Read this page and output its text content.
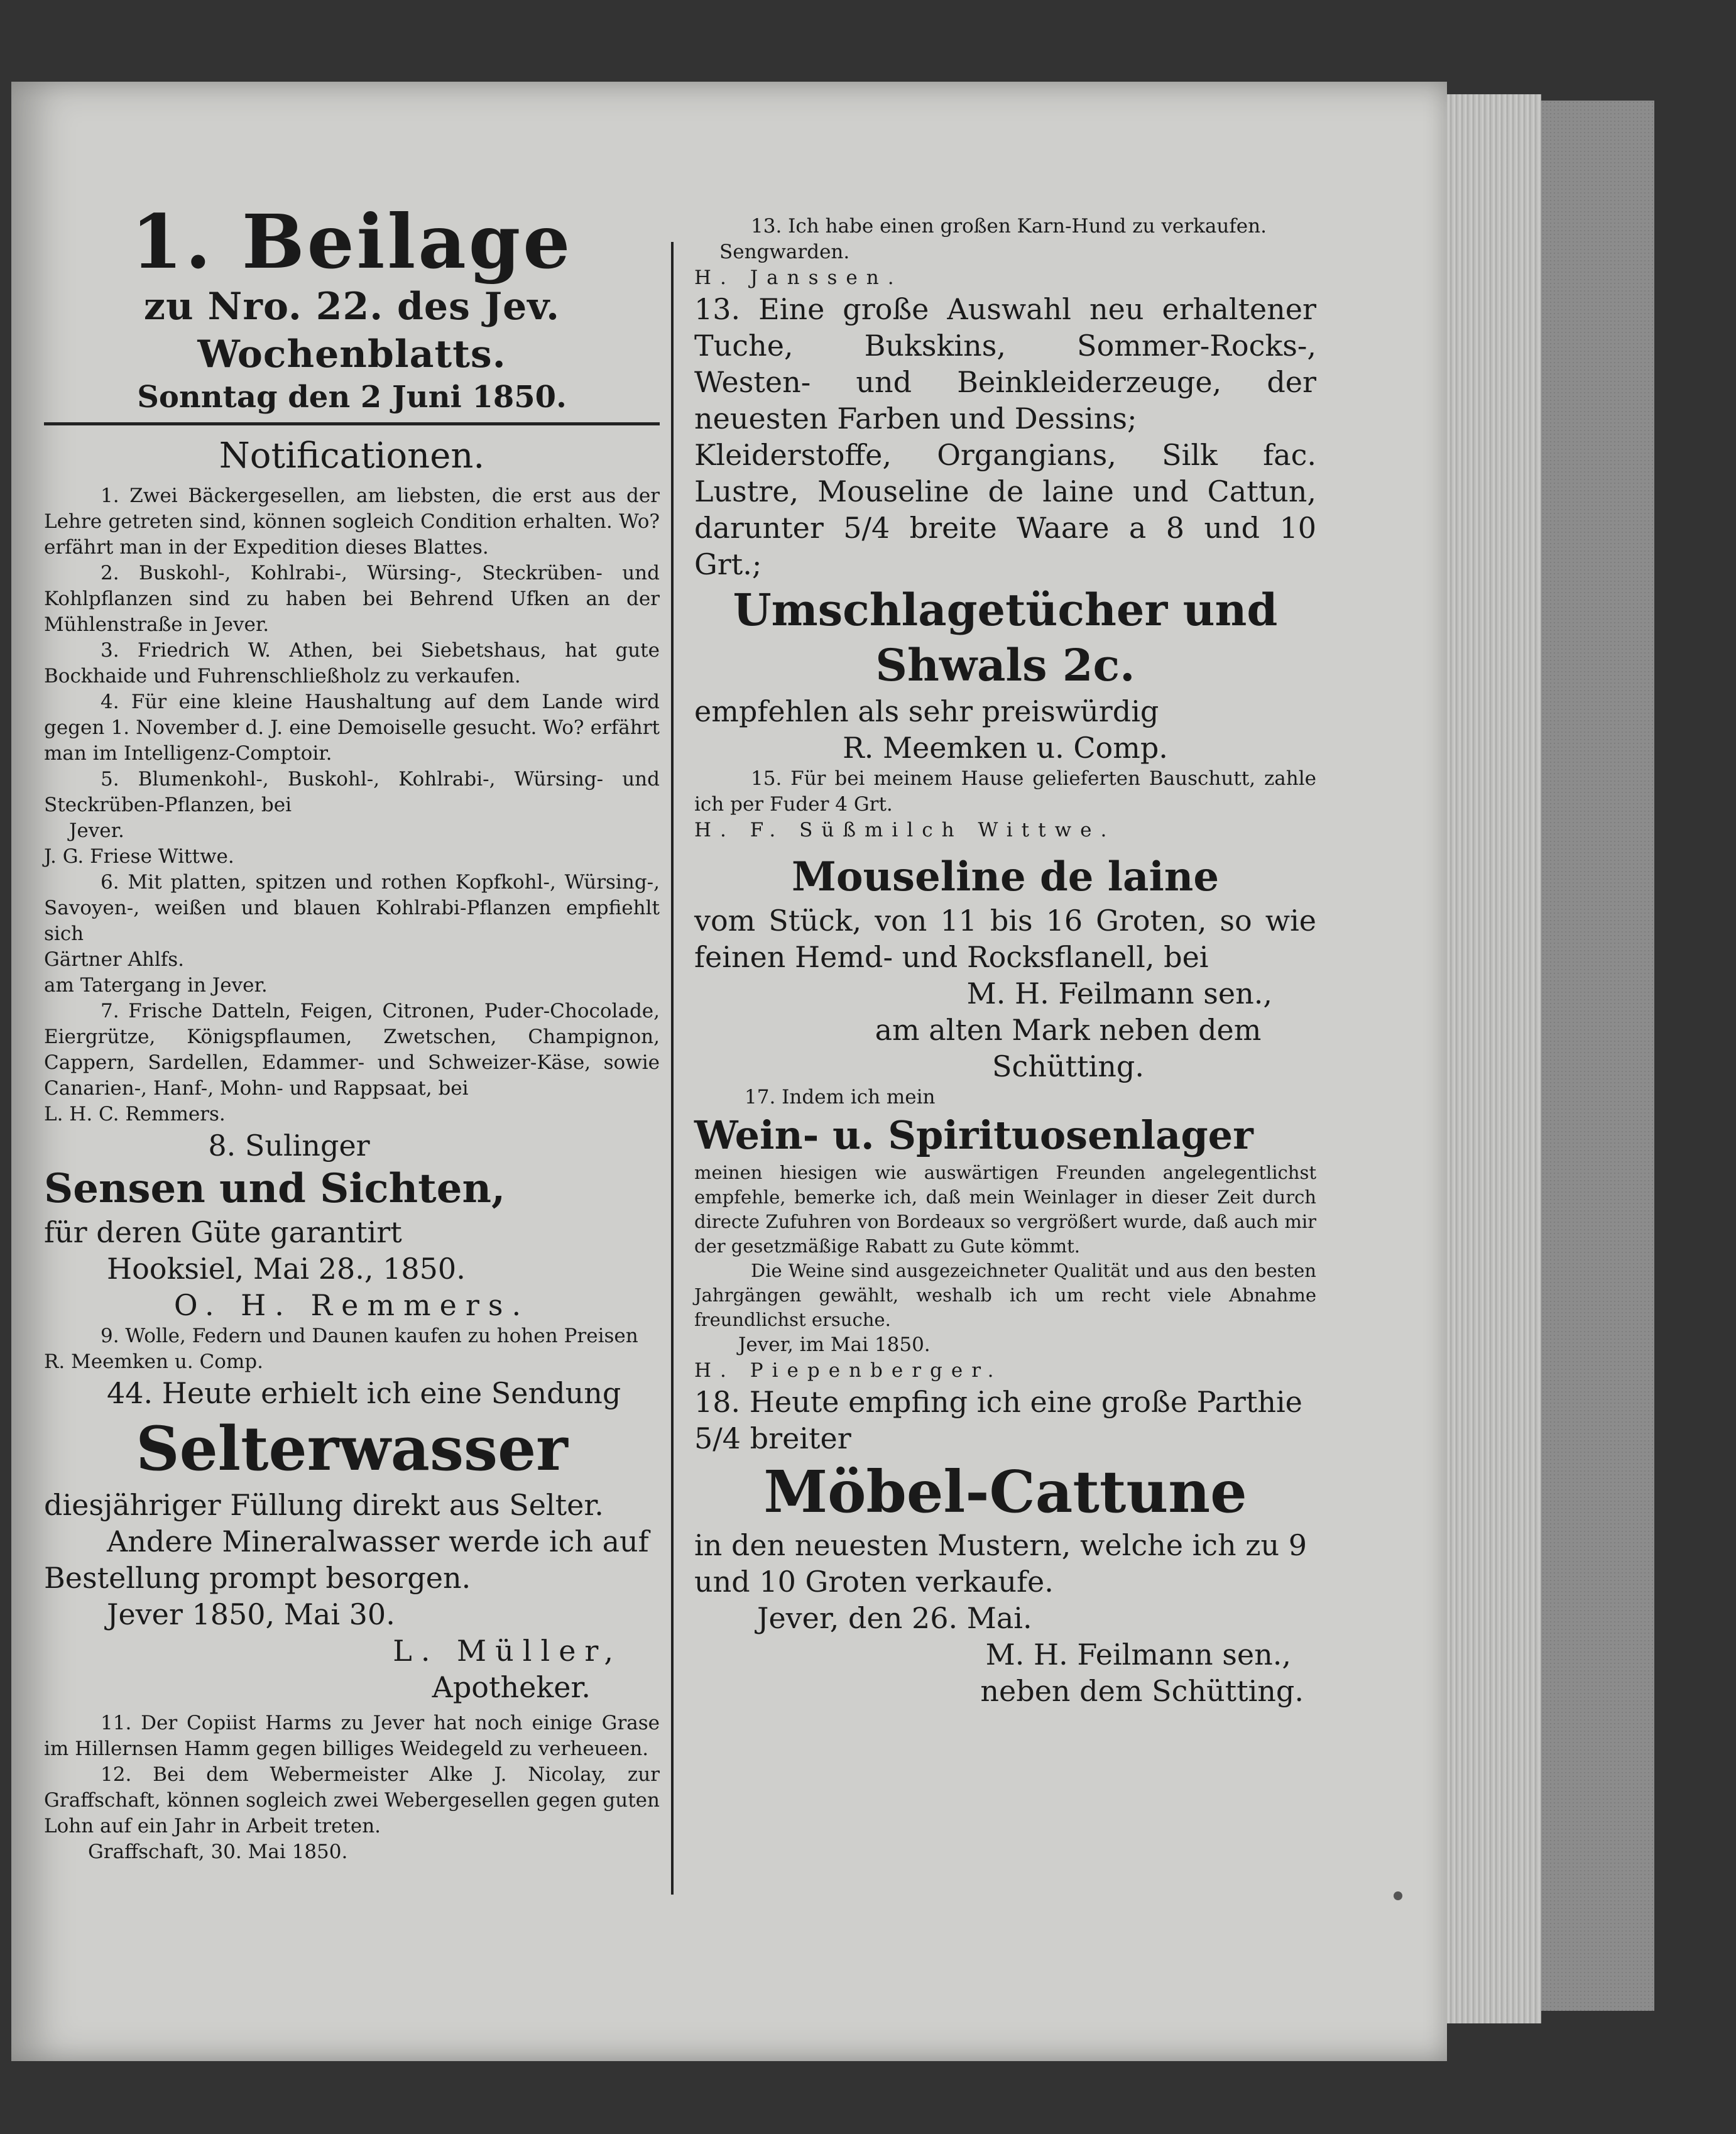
1. Beilage

zu Nro. 22. des Jev. Wochenblatts.

Sonntag den 2 Juni 1850.

Notificationen.

1. Zwei Bäckergesellen, am liebsten, die erst aus der Lehre getreten sind, können sogleich Condition erhalten. Wo? erfährt man in der Expedition dieses Blattes.

2. Buskohl-, Kohlrabi-, Würsing-, Steckrüben- und Kohlpflanzen sind zu haben bei Behrend Ufken an der Mühlenstraße in Jever.

3. Friedrich W. Athen, bei Siebetshaus, hat gute Bockhaide und Fuhrenschließholz zu verkaufen.

4. Für eine kleine Haushaltung auf dem Lande wird gegen 1. November d. J. eine Demoiselle gesucht. Wo? erfährt man im Intelligenz-Comptoir.

5. Blumenkohl-, Buskohl-, Kohlrabi-, Würsing- und Steckrüben-Pflanzen, bei

Jever.

J. G. Friese Wittwe.

6. Mit platten, spitzen und rothen Kopfkohl-, Würsing-, Savoyen-, weißen und blauen Kohlrabi-Pflanzen empfiehlt sich

Gärtner Ahlfs.

am Tatergang in Jever.

7. Frische Datteln, Feigen, Citronen, Puder-Chocolade, Eiergrütze, Königspflaumen, Zwetschen, Champignon, Cappern, Sardellen, Edammer- und Schweizer-Käse, sowie Canarien-, Hanf-, Mohn- und Rappsaat, bei

L. H. C. Remmers.

8. Sulinger

Sensen und Sichten,

für deren Güte garantirt

Hooksiel, Mai 28., 1850.

O. H. Remmers.

9. Wolle, Federn und Daunen kaufen zu hohen Preisen

R. Meemken u. Comp.

44. Heute erhielt ich eine Sendung

Selterwasser

diesjähriger Füllung direkt aus Selter.

Andere Mineralwasser werde ich auf

Bestellung prompt besorgen.

Jever 1850, Mai 30.

L. Müller,

Apotheker.

11. Der Copiist Harms zu Jever hat noch einige Grase im Hillernsen Hamm gegen billiges Weidegeld zu verheueen.

12. Bei dem Webermeister Alke J. Nicolay, zur Graffschaft, können sogleich zwei Webergesellen gegen guten Lohn auf ein Jahr in Arbeit treten.

Graffschaft, 30. Mai 1850.

13. Ich habe einen großen Karn-Hund zu verkaufen.

Sengwarden.

H. Janssen.

13. Eine große Auswahl neu erhaltener Tuche, Bukskins, Sommer-Rocks-, Westen- und Beinkleiderzeuge, der neuesten Farben und Dessins;

Kleiderstoffe, Organgians, Silk fac. Lustre, Mouseline de laine und Cattun, darunter 5/4 breite Waare a 8 und 10 Grt.;

Umschlagetücher und Shwals 2c.

empfehlen als sehr preiswürdig

R. Meemken u. Comp.

15. Für bei meinem Hause gelieferten Bauschutt, zahle ich per Fuder 4 Grt.

H. F. Süßmilch Wittwe.

Mouseline de laine

vom Stück, von 11 bis 16 Groten, so wie feinen Hemd- und Rocksflanell, bei

M. H. Feilmann sen.,

am alten Mark neben dem Schütting.

17. Indem ich mein

Wein- u. Spirituosenlager

meinen hiesigen wie auswärtigen Freunden angelegentlichst empfehle, bemerke ich, daß mein Weinlager in dieser Zeit durch directe Zufuhren von Bordeaux so vergrößert wurde, daß auch mir der gesetzmäßige Rabatt zu Gute kömmt.

Die Weine sind ausgezeichneter Qualität und aus den besten Jahrgängen gewählt, weshalb ich um recht viele Abnahme freundlichst ersuche.

Jever, im Mai 1850.

H. Piepenberger.

18. Heute empfing ich eine große Parthie 5/4 breiter

Möbel-Cattune

in den neuesten Mustern, welche ich zu 9 und 10 Groten verkaufe.

Jever, den 26. Mai.

M. H. Feilmann sen.,

neben dem Schütting.
